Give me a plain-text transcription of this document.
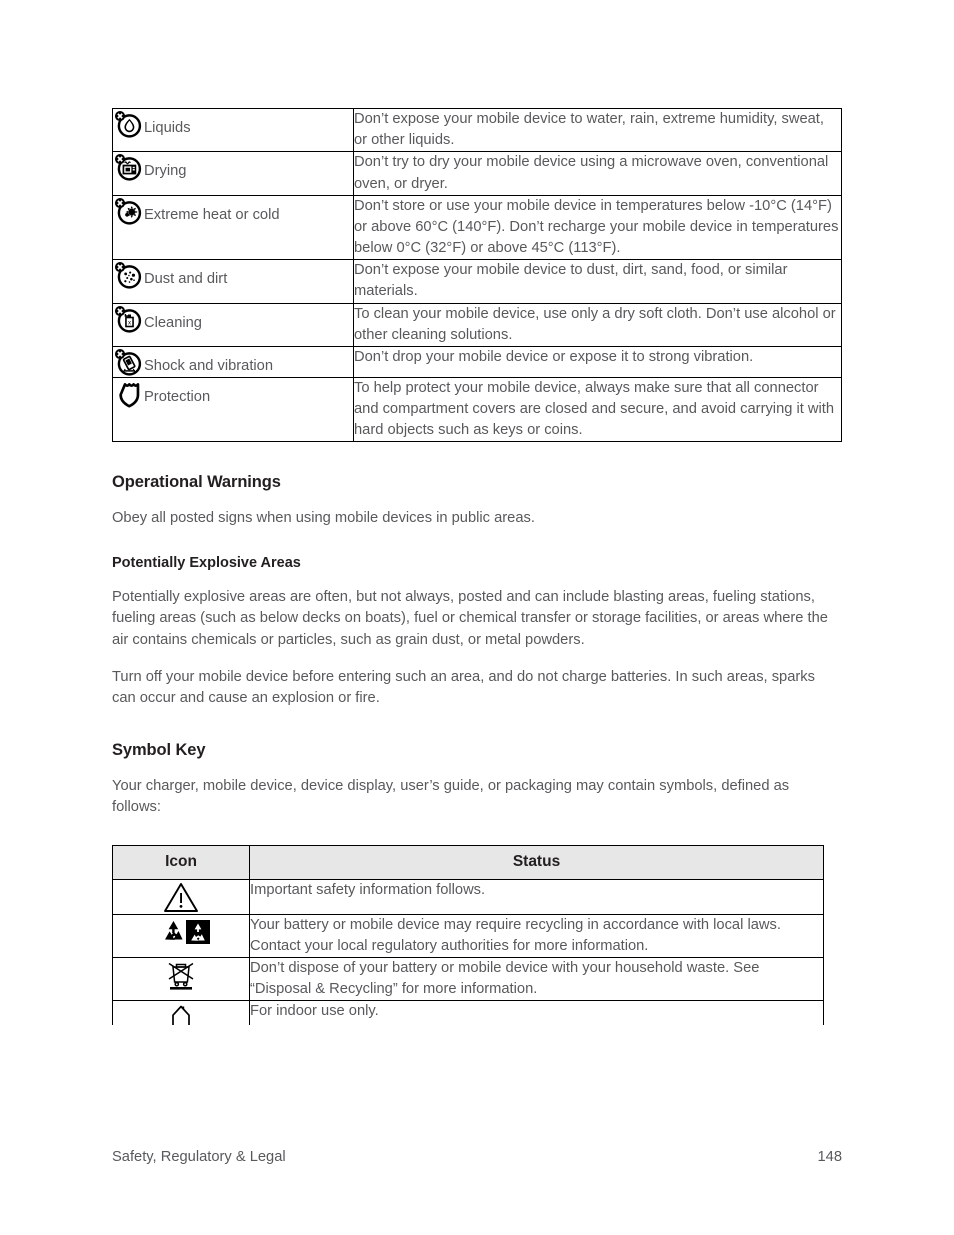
Liquids	Don’t expose your mobile device to water, rain, extreme humidity, sweat, or other liquids.
Drying	Don’t try to dry your mobile device using a microwave oven, conventional oven, or dryer.
Extreme heat or cold	Don’t store or use your mobile device in temperatures below -10°C (14°F) or above 60°C (140°F). Don’t recharge your mobile device in temperatures below 0°C (32°F) or above 45°C (113°F).
Dust and dirt	Don’t expose your mobile device to dust, dirt, sand, food, or similar materials.

x Cleaning	To clean your mobile device, use only a dry soft cloth. Don’t use alcohol or other cleaning solutions.
Shock and vibration	Don’t drop your mobile device or expose it to strong vibration.
Protection	To help protect your mobile device, always make sure that all connector and compartment covers are closed and secure, and avoid carrying it with hard objects such as keys or coins.
Operational Warnings

Obey all posted signs when using mobile devices in public areas.

Potentially Explosive Areas

Potentially explosive areas are often, but not always, posted and can include blasting areas, fueling stations, fueling areas (such as below decks on boats), fuel or chemical transfer or storage facilities, or areas where the air contains chemicals or particles, such as grain dust, or metal powders.

Turn off your mobile device before entering such an area, and do not charge batteries. In such areas, sparks can occur and cause an explosion or fire.

Symbol Key

Your charger, mobile device, device display, user’s guide, or packaging may contain symbols, defined as follows:

Icon	Status
	Important safety information follows.
	Your battery or mobile device may require recycling in accordance with local laws. Contact your local regulatory authorities for more information.
	Don’t dispose of your battery or mobile device with your household waste. See “Disposal & Recycling” for more information.
	For indoor use only.
Safety, Regulatory & Legal	148
